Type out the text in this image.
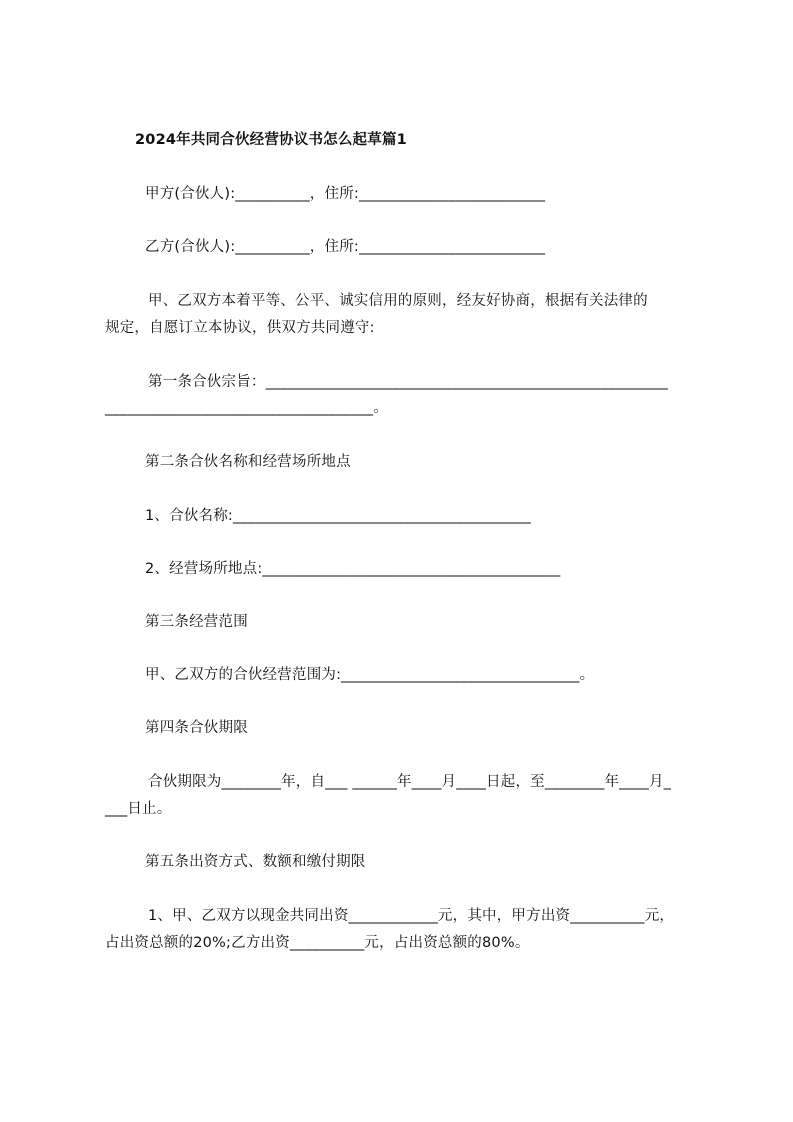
2024年共同合伙经营协议书怎么起草篇1
甲方(合伙人):__________，住所:_________________________
乙方(合伙人):__________，住所:_________________________
甲、乙双方本着平等、公平、诚实信用的原则，经友好协商，根据有关法律的
规定，自愿订立本协议，供双方共同遵守:
第一条合伙宗旨：______________________________________________________
____________________________________。
第二条合伙名称和经营场所地点
1、合伙名称:________________________________________
2、经营场所地点:________________________________________
第三条经营范围
甲、乙双方的合伙经营范围为:________________________________。
第四条合伙期限
合伙期限为________年，自___ ______年____月____日起，至________年____月_
___日止。
第五条出资方式、数额和缴付期限
1、甲、乙双方以现金共同出资____________元，其中，甲方出资__________元，
占出资总额的20%;乙方出资__________元，占出资总额的80%。
